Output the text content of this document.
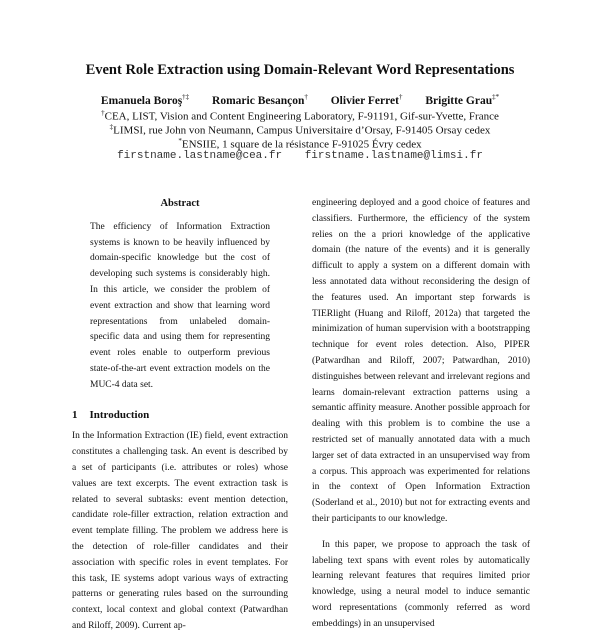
Event Role Extraction using Domain-Relevant Word Representations
Emanuela Boroş†‡ Romaric Besançon† Olivier Ferret† Brigitte Grau‡*
†CEA, LIST, Vision and Content Engineering Laboratory, F-91191, Gif-sur-Yvette, France
‡LIMSI, rue John von Neumann, Campus Universitaire d’Orsay, F-91405 Orsay cedex
*ENSIIE, 1 square de la résistance F-91025 Évry cedex
firstname.lastname@cea.fr firstname.lastname@limsi.fr
Abstract

The efficiency of Information Extraction systems is known to be heavily influenced by domain-specific knowledge but the cost of developing such systems is considerably high. In this article, we consider the problem of event extraction and show that learning word representations from unlabeled domain-specific data and using them for representing event roles enable to outperform previous state-of-the-art event extraction models on the MUC-4 data set.

1 Introduction

In the Information Extraction (IE) field, event extraction constitutes a challenging task. An event is described by a set of participants (i.e. attributes or roles) whose values are text excerpts. The event extraction task is related to several subtasks: event mention detection, candidate role-filler extraction, relation extraction and event template filling. The problem we address here is the detection of role-filler candidates and their association with specific roles in event templates. For this task, IE systems adopt various ways of extracting patterns or generating rules based on the surrounding context, local context and global context (Patwardhan and Riloff, 2009). Current ap-

engineering deployed and a good choice of features and classifiers. Furthermore, the efficiency of the system relies on the a priori knowledge of the applicative domain (the nature of the events) and it is generally difficult to apply a system on a different domain with less annotated data without reconsidering the design of the features used. An important step forwards is TIERlight (Huang and Riloff, 2012a) that targeted the minimization of human supervision with a bootstrapping technique for event roles detection. Also, PIPER (Patwardhan and Riloff, 2007; Patwardhan, 2010) distinguishes between relevant and irrelevant regions and learns domain-relevant extraction patterns using a semantic affinity measure. Another possible approach for dealing with this problem is to combine the use a restricted set of manually annotated data with a much larger set of data extracted in an unsupervised way from a corpus. This approach was experimented for relations in the context of Open Information Extraction (Soderland et al., 2010) but not for extracting events and their participants to our knowledge.

In this paper, we propose to approach the task of labeling text spans with event roles by automatically learning relevant features that requires limited prior knowledge, using a neural model to induce semantic word representations (commonly referred as word embeddings) in an unsupervised
